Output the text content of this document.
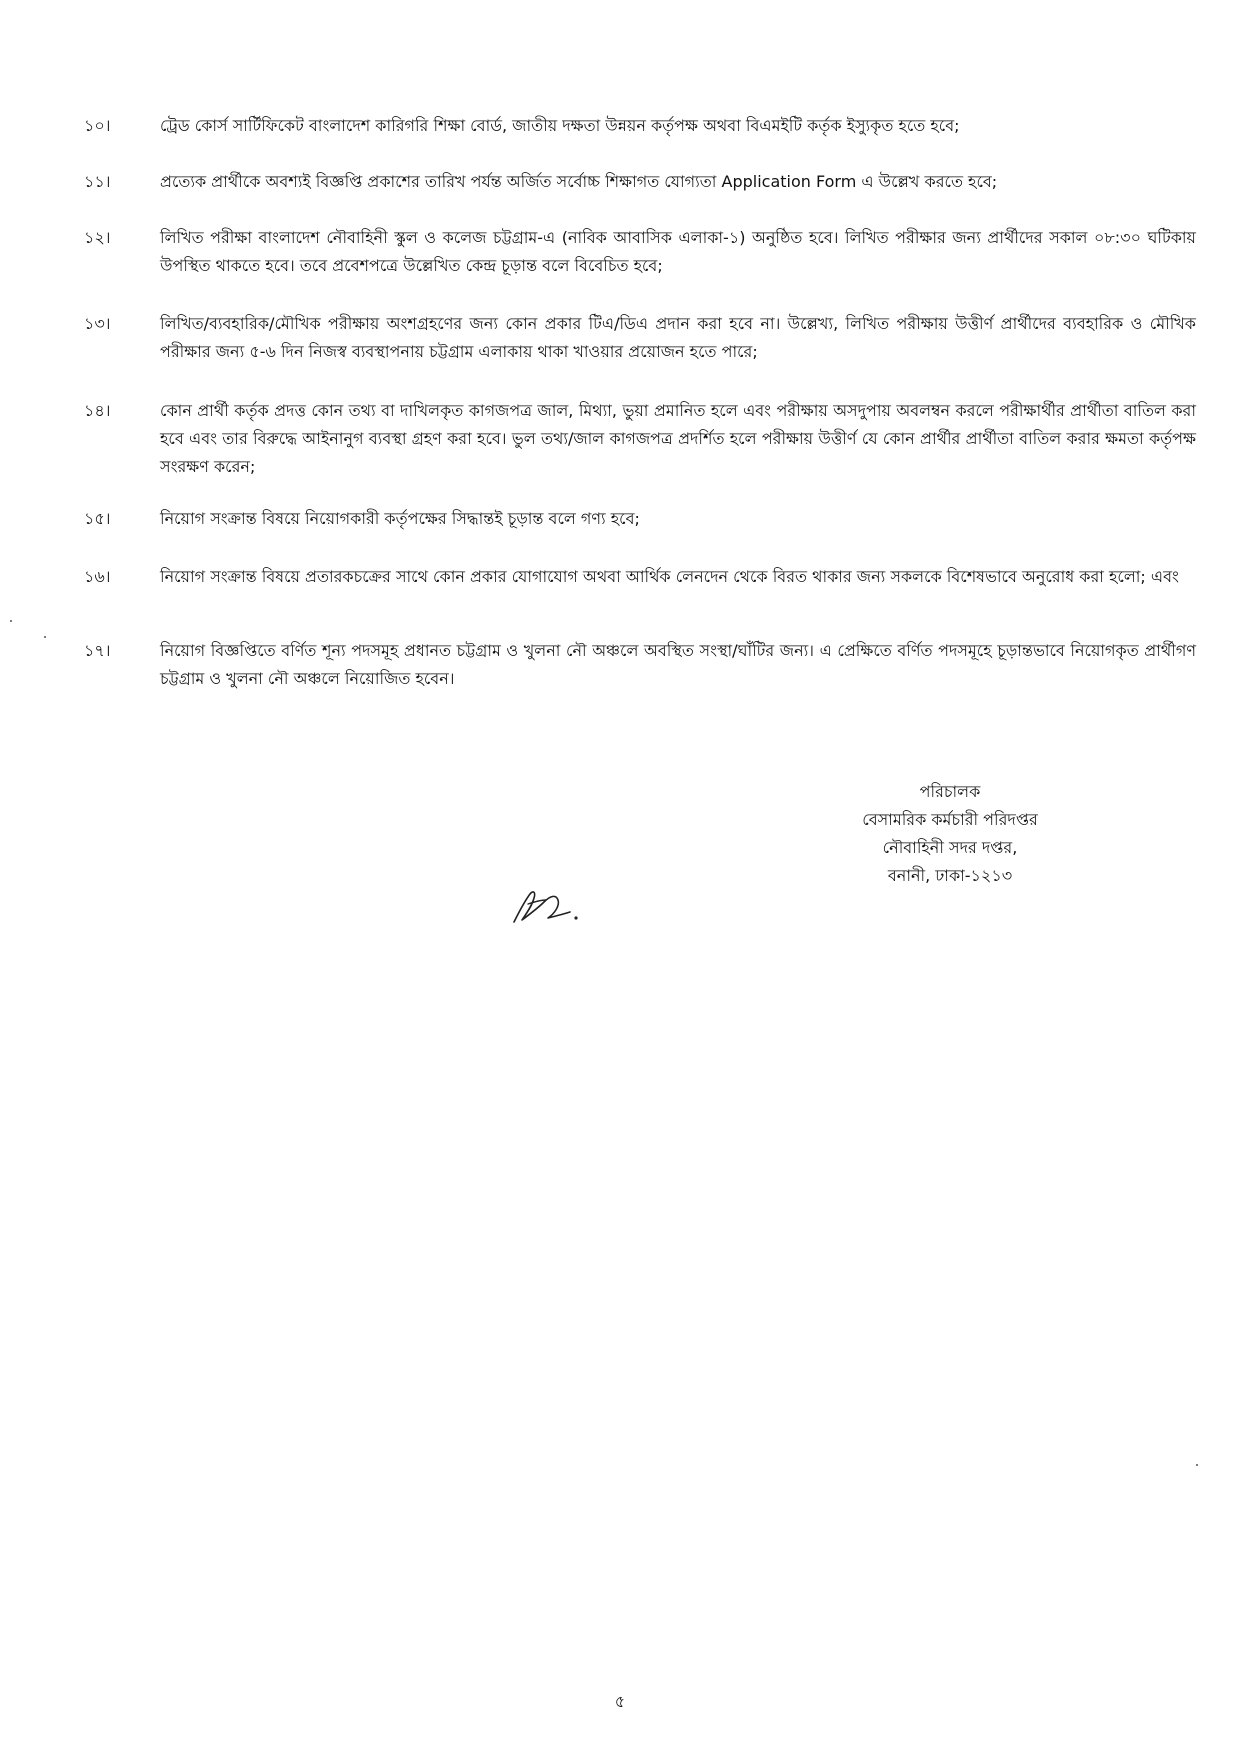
১০।	ট্রেড কোর্স সার্টিফিকেট বাংলাদেশ কারিগরি শিক্ষা বোর্ড, জাতীয় দক্ষতা উন্নয়ন কর্তৃপক্ষ অথবা বিএমইটি কর্তৃক ইস্যুকৃত হতে হবে;
১১।	প্রত্যেক প্রার্থীকে অবশ্যই বিজ্ঞপ্তি প্রকাশের তারিখ পর্যন্ত অর্জিত সর্বোচ্চ শিক্ষাগত যোগ্যতা Application Form এ উল্লেখ করতে হবে;
১২।	লিখিত পরীক্ষা বাংলাদেশ নৌবাহিনী স্কুল ও কলেজ চট্টগ্রাম-এ (নাবিক আবাসিক এলাকা-১) অনুষ্ঠিত হবে। লিখিত পরীক্ষার জন্য প্রার্থীদের সকাল ০৮:৩০ ঘটিকায় উপস্থিত থাকতে হবে। তবে প্রবেশপত্রে উল্লেখিত কেন্দ্র চূড়ান্ত বলে বিবেচিত হবে;
১৩।	লিখিত/ব্যবহারিক/মৌখিক পরীক্ষায় অংশগ্রহণের জন্য কোন প্রকার টিএ/ডিএ প্রদান করা হবে না। উল্লেখ্য, লিখিত পরীক্ষায় উত্তীর্ণ প্রার্থীদের ব্যবহারিক ও মৌখিক পরীক্ষার জন্য ৫-৬ দিন নিজস্ব ব্যবস্থাপনায় চট্টগ্রাম এলাকায় থাকা খাওয়ার প্রয়োজন হতে পারে;
১৪।	কোন প্রার্থী কর্তৃক প্রদত্ত কোন তথ্য বা দাখিলকৃত কাগজপত্র জাল, মিথ্যা, ভুয়া প্রমানিত হলে এবং পরীক্ষায় অসদুপায় অবলম্বন করলে পরীক্ষার্থীর প্রার্থীতা বাতিল করা হবে এবং তার বিরুদ্ধে আইনানুগ ব্যবস্থা গ্রহণ করা হবে। ভুল তথ্য/জাল কাগজপত্র প্রদর্শিত হলে পরীক্ষায় উত্তীর্ণ যে কোন প্রার্থীর প্রার্থীতা বাতিল করার ক্ষমতা কর্তৃপক্ষ সংরক্ষণ করেন;
১৫।	নিয়োগ সংক্রান্ত বিষয়ে নিয়োগকারী কর্তৃপক্ষের সিদ্ধান্তই চূড়ান্ত বলে গণ্য হবে;
১৬।	নিয়োগ সংক্রান্ত বিষয়ে প্রতারকচক্রের সাথে কোন প্রকার যোগাযোগ অথবা আর্থিক লেনদেন থেকে বিরত থাকার জন্য সকলকে বিশেষভাবে অনুরোধ করা হলো; এবং
১৭।	নিয়োগ বিজ্ঞপ্তিতে বর্ণিত শূন্য পদসমূহ প্রধানত চট্টগ্রাম ও খুলনা নৌ অঞ্চলে অবস্থিত সংস্থা/ঘাঁটির জন্য। এ প্রেক্ষিতে বর্ণিত পদসমূহে চূড়ান্তভাবে নিয়োগকৃত প্রার্থীগণ চট্টগ্রাম ও খুলনা নৌ অঞ্চলে নিয়োজিত হবেন।
পরিচালক
বেসামরিক কর্মচারী পরিদপ্তর
নৌবাহিনী সদর দপ্তর,
বনানী, ঢাকা-১২১৩
৫
